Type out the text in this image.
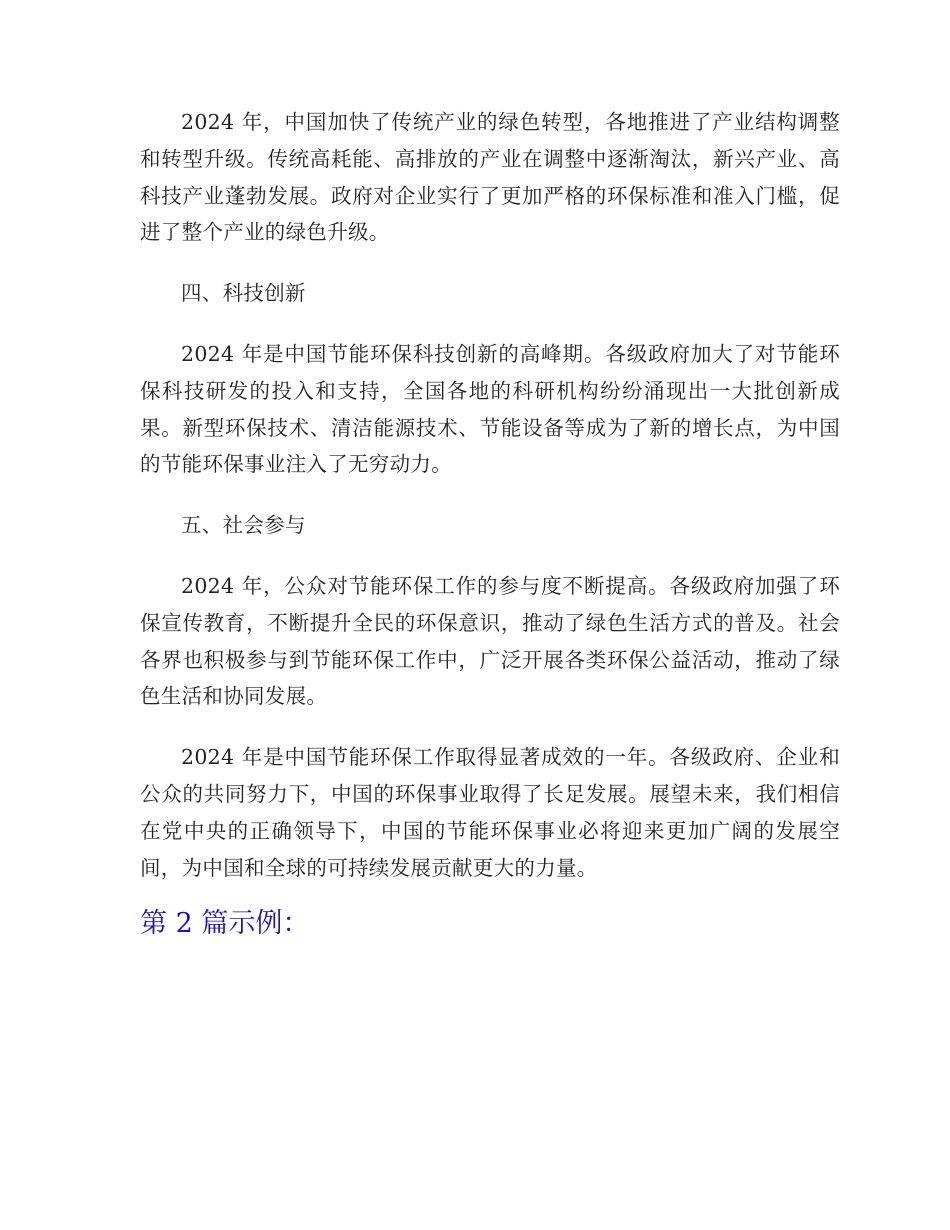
2024 年，中国加快了传统产业的绿色转型，各地推进了产业结构调整和转型升级。传统高耗能、高排放的产业在调整中逐渐淘汰，新兴产业、高科技产业蓬勃发展。政府对企业实行了更加严格的环保标准和准入门槛，促进了整个产业的绿色升级。

四、科技创新

2024 年是中国节能环保科技创新的高峰期。各级政府加大了对节能环保科技研发的投入和支持，全国各地的科研机构纷纷涌现出一大批创新成果。新型环保技术、清洁能源技术、节能设备等成为了新的增长点，为中国的节能环保事业注入了无穷动力。

五、社会参与

2024 年，公众对节能环保工作的参与度不断提高。各级政府加强了环保宣传教育，不断提升全民的环保意识，推动了绿色生活方式的普及。社会各界也积极参与到节能环保工作中，广泛开展各类环保公益活动，推动了绿色生活和协同发展。

2024 年是中国节能环保工作取得显著成效的一年。各级政府、企业和公众的共同努力下，中国的环保事业取得了长足发展。展望未来，我们相信在党中央的正确领导下，中国的节能环保事业必将迎来更加广阔的发展空间，为中国和全球的可持续发展贡献更大的力量。

第 2 篇示例：
